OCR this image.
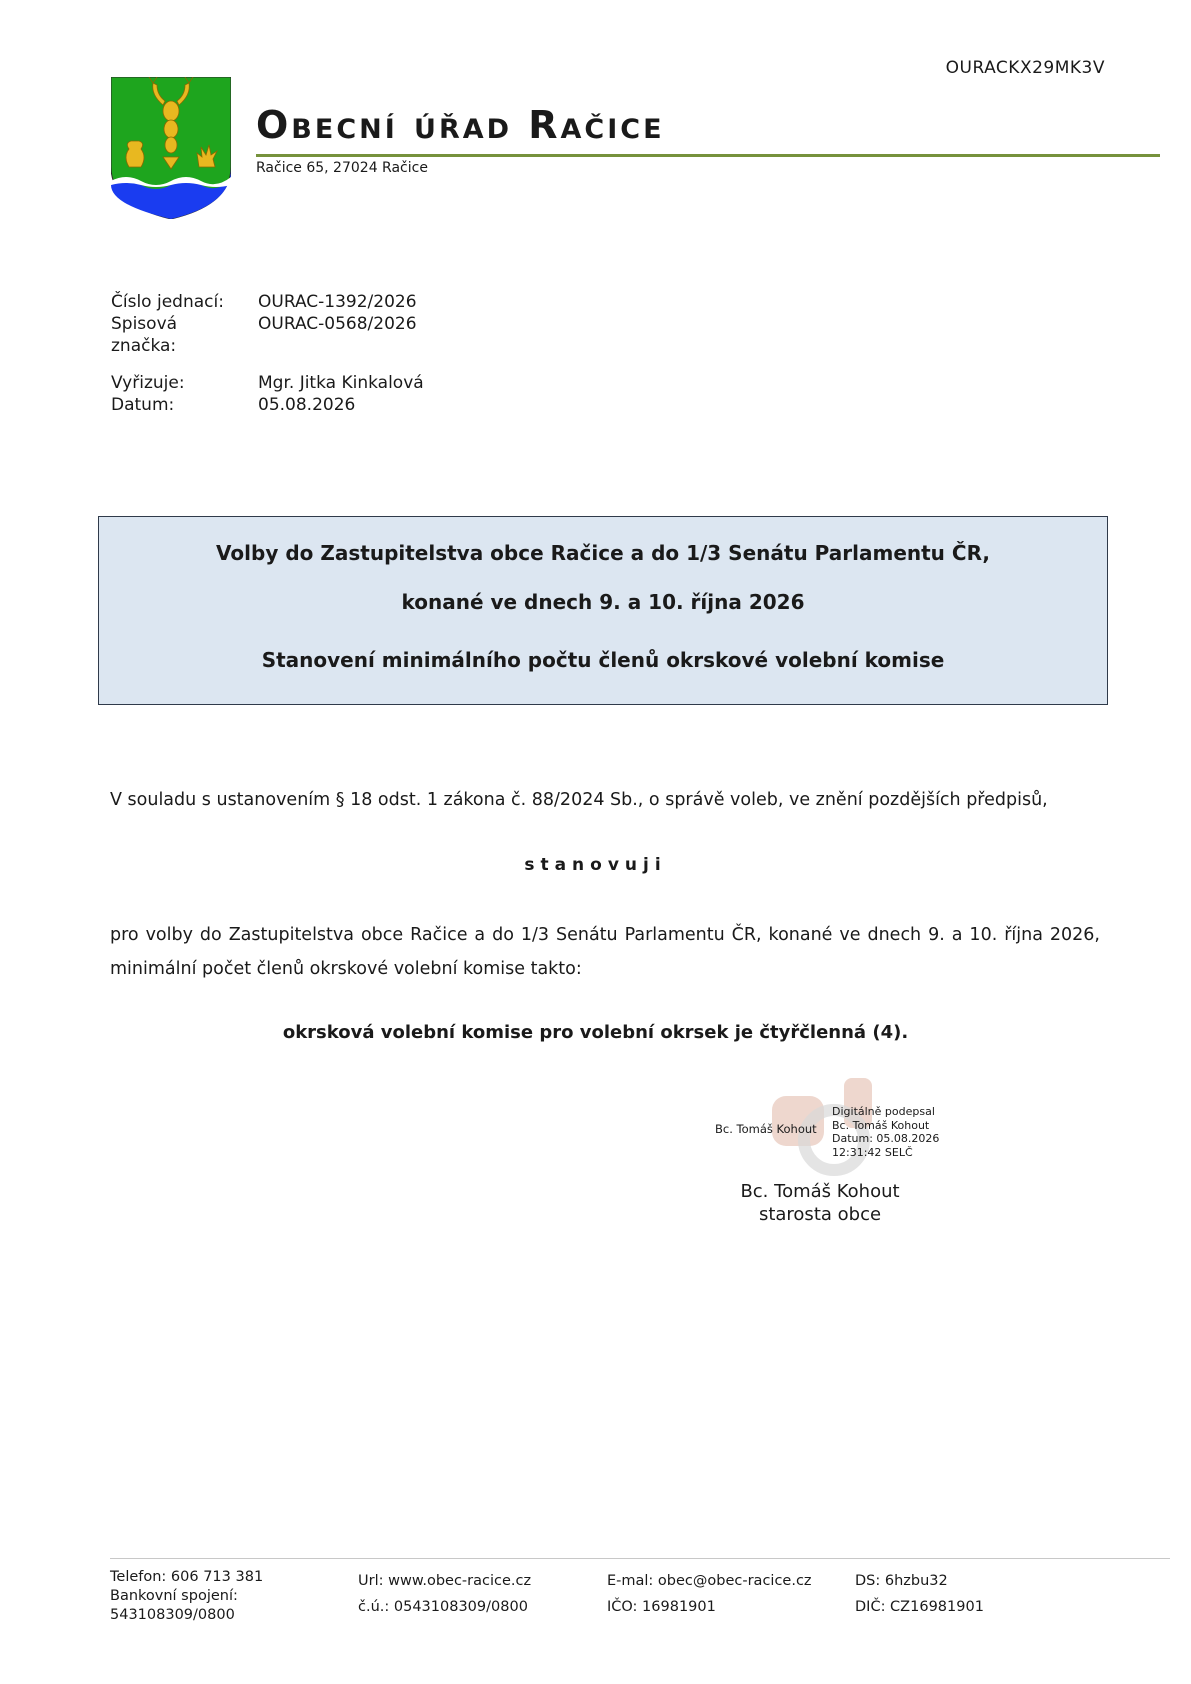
OURACKX29MK3V
Obecní úřad Račice
Račice 65, 27024 Račice
Číslo jednací:	OURAC-1392/2026
Spisová	OURAC-0568/2026
značka:
Vyřizuje:	Mgr. Jitka Kinkalová
Datum:	05.08.2026
Volby do Zastupitelstva obce Račice a do 1/3 Senátu Parlamentu ČR,
konané ve dnech 9. a 10. října 2026
Stanovení minimálního počtu členů okrskové volební komise
V souladu s ustanovením § 18 odst. 1 zákona č. 88/2024 Sb., o správě voleb, ve znění pozdějších předpisů,
stanovuji
pro volby do Zastupitelstva obce Račice a do 1/3 Senátu Parlamentu ČR, konané ve dnech 9. a 10. října 2026, minimální počet členů okrskové volební komise takto:
okrsková volební komise pro volební okrsek je čtyřčlenná (4).
Bc. Tomáš Kohout
Digitálně podepsal
Bc. Tomáš Kohout
Datum: 05.08.2026
12:31:42 SELČ
Bc. Tomáš Kohout
starosta obce
Telefon: 606 713 381
Bankovní spojení:
543108309/0800
Url: www.obec-racice.cz
č.ú.: 0543108309/0800
E-mal: obec@obec-racice.cz
IČO: 16981901
DS: 6hzbu32
DIČ: CZ16981901
